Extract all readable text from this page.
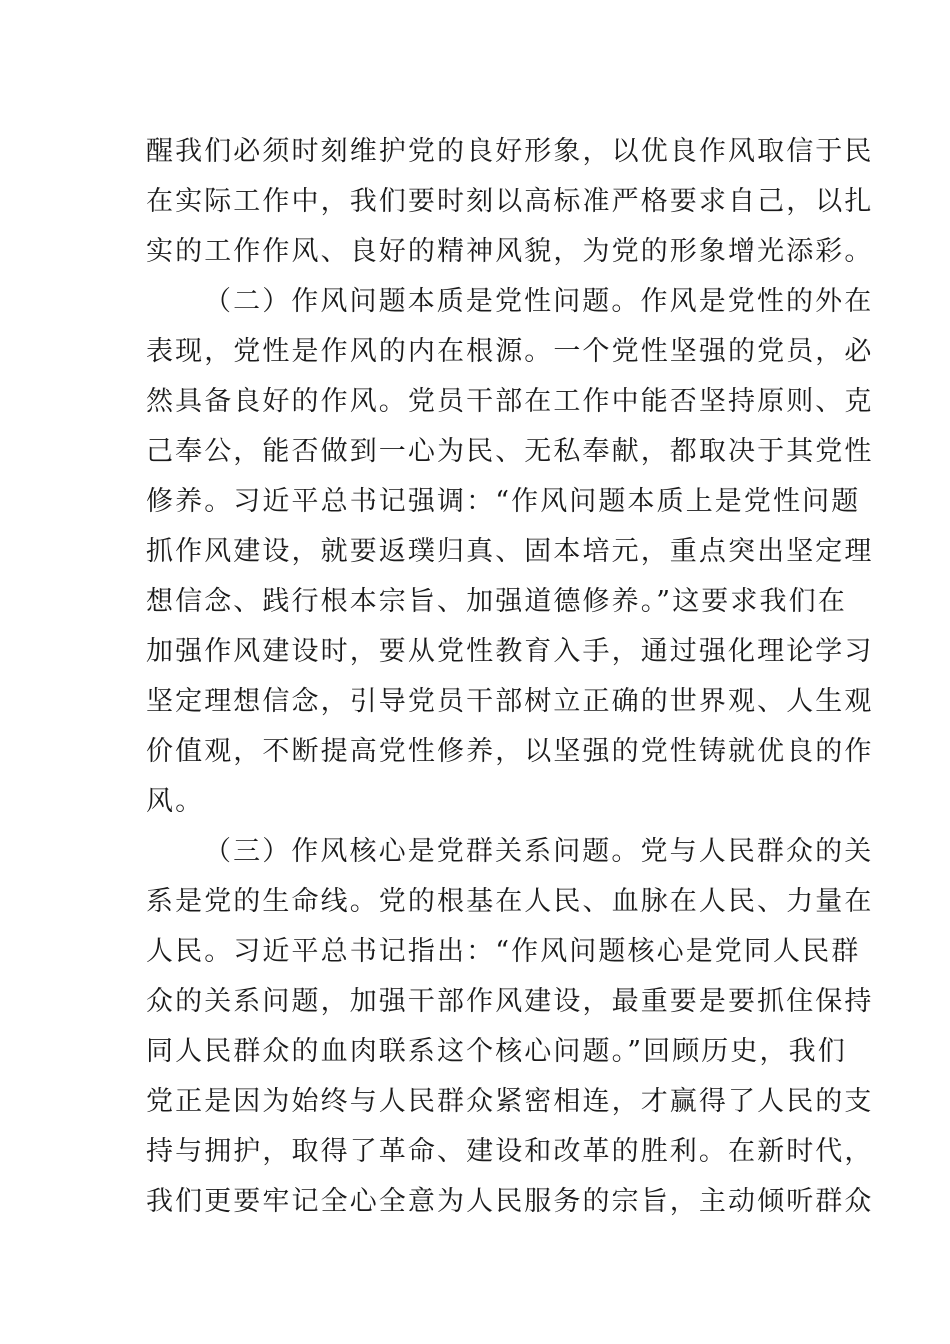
醒我们必须时刻维护党的良好形象，以优良作风取信于民
在实际工作中，我们要时刻以高标准严格要求自己，以扎
实的工作作风、良好的精神风貌，为党的形象增光添彩。
（二）作风问题本质是党性问题。作风是党性的外在
表现，党性是作风的内在根源。一个党性坚强的党员，必
然具备良好的作风。党员干部在工作中能否坚持原则、克
己奉公，能否做到一心为民、无私奉献，都取决于其党性
修养。习近平总书记强调：“作风问题本质上是党性问题
抓作风建设，就要返璞归真、固本培元，重点突出坚定理
想信念、践行根本宗旨、加强道德修养。”这要求我们在
加强作风建设时，要从党性教育入手，通过强化理论学习
坚定理想信念，引导党员干部树立正确的世界观、人生观
价值观，不断提高党性修养，以坚强的党性铸就优良的作
风。
（三）作风核心是党群关系问题。党与人民群众的关
系是党的生命线。党的根基在人民、血脉在人民、力量在
人民。习近平总书记指出：“作风问题核心是党同人民群
众的关系问题，加强干部作风建设，最重要是要抓住保持
同人民群众的血肉联系这个核心问题。”回顾历史，我们
党正是因为始终与人民群众紧密相连，才赢得了人民的支
持与拥护，取得了革命、建设和改革的胜利。在新时代，
我们更要牢记全心全意为人民服务的宗旨，主动倾听群众
